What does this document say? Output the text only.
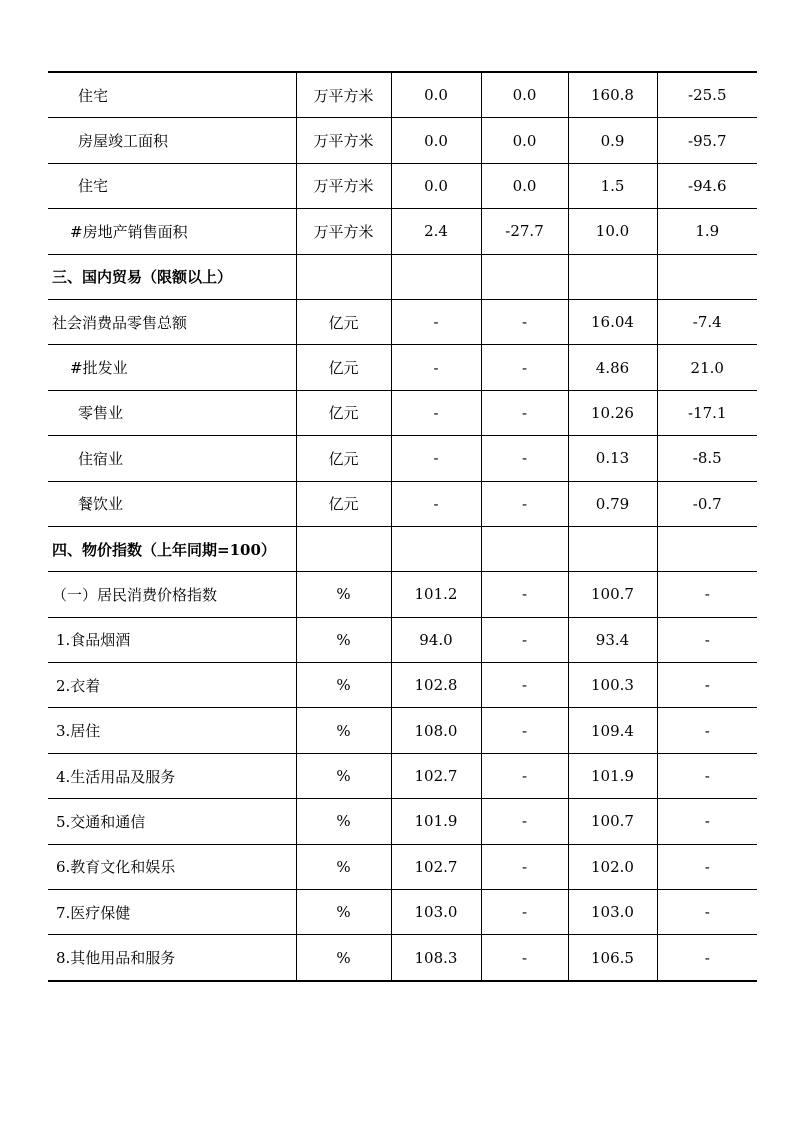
住宅	万平方米	0.0	0.0	160.8	-25.5
房屋竣工面积	万平方米	0.0	0.0	0.9	-95.7
住宅	万平方米	0.0	0.0	1.5	-94.6
#房地产销售面积	万平方米	2.4	-27.7	10.0	1.9
三、国内贸易（限额以上）					
社会消费品零售总额	亿元	-	-	16.04	-7.4
#批发业	亿元	-	-	4.86	21.0
零售业	亿元	-	-	10.26	-17.1
住宿业	亿元	-	-	0.13	-8.5
餐饮业	亿元	-	-	0.79	-0.7
四、物价指数（上年同期=100）					
（一）居民消费价格指数	%	101.2	-	100.7	-
1.食品烟酒	%	94.0	-	93.4	-
2.衣着	%	102.8	-	100.3	-
3.居住	%	108.0	-	109.4	-
4.生活用品及服务	%	102.7	-	101.9	-
5.交通和通信	%	101.9	-	100.7	-
6.教育文化和娱乐	%	102.7	-	102.0	-
7.医疗保健	%	103.0	-	103.0	-
8.其他用品和服务	%	108.3	-	106.5	-
